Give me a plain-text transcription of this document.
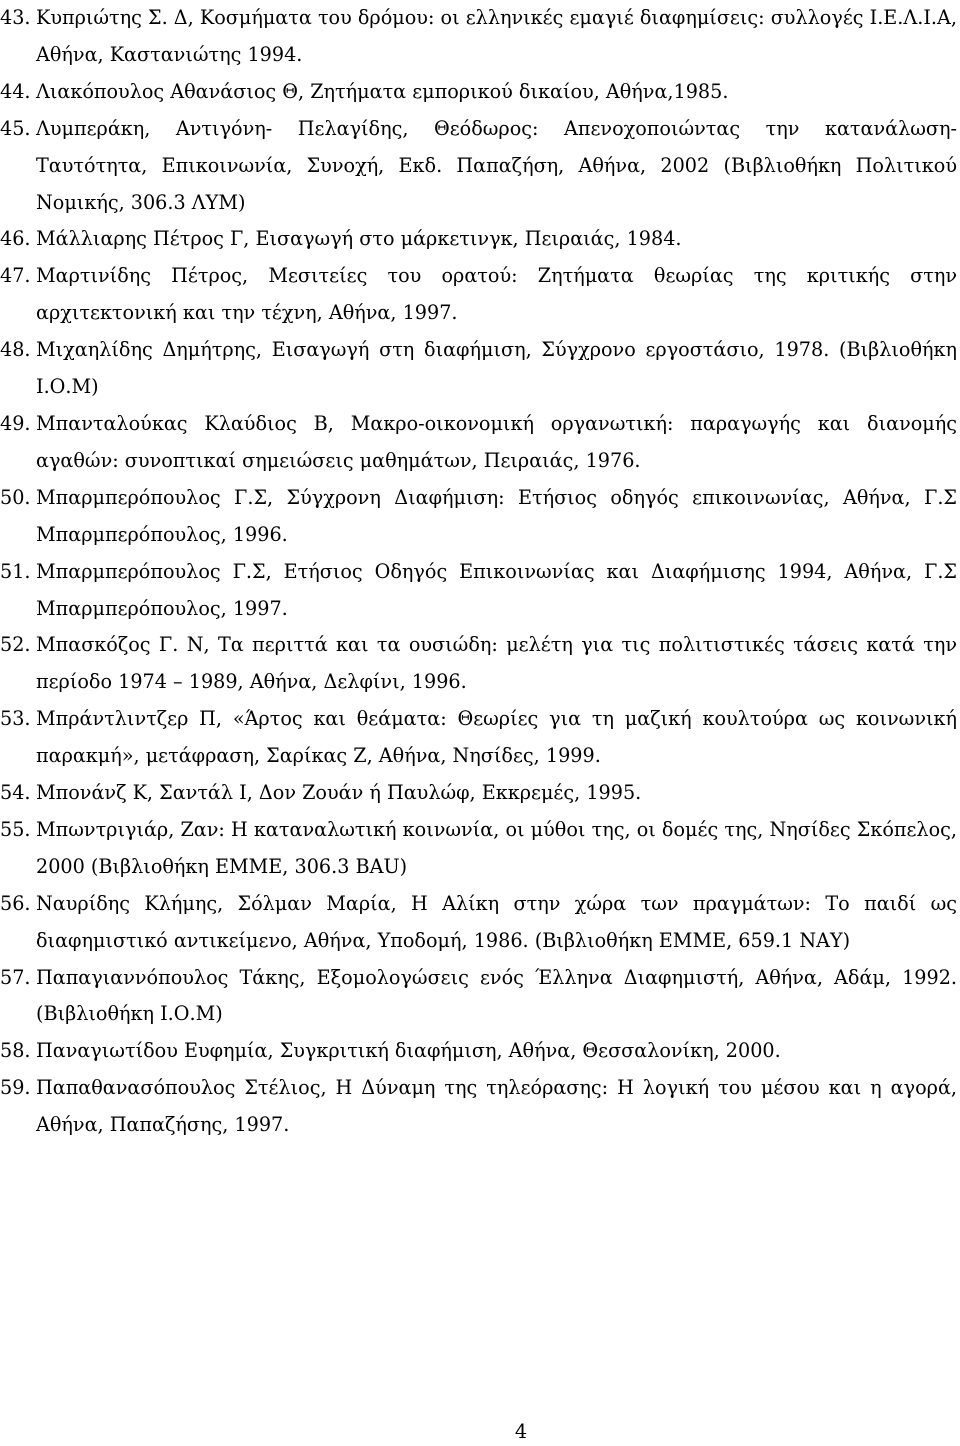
43. Κυπριώτης Σ. Δ, Κοσμήματα του δρόμου: οι ελληνικές εμαγιέ διαφημίσεις: συλλογές Ι.Ε.Λ.Ι.Α, Αθήνα, Καστανιώτης 1994.
44. Λιακόπουλος Αθανάσιος Θ, Ζητήματα εμπορικού δικαίου, Αθήνα,1985.
45. Λυμπεράκη, Αντιγόνη- Πελαγίδης, Θεόδωρος: Απενοχοποιώντας την κατανάλωση- Ταυτότητα, Επικοινωνία, Συνοχή, Εκδ. Παπαζήση, Αθήνα, 2002 (Βιβλιοθήκη Πολιτικού Νομικής, 306.3 ΛΥΜ)
46. Μάλλιαρης Πέτρος Γ, Εισαγωγή στο μάρκετινγκ, Πειραιάς, 1984.
47. Μαρτινίδης Πέτρος, Μεσιτείες του ορατού: Ζητήματα θεωρίας της κριτικής στην αρχιτεκτονική και την τέχνη, Αθήνα, 1997.
48. Μιχαηλίδης Δημήτρης, Εισαγωγή στη διαφήμιση, Σύγχρονο εργοστάσιο, 1978. (Βιβλιοθήκη Ι.Ο.Μ)
49. Μπανταλούκας Κλαύδιος Β, Μακρο-οικονομική οργανωτική: παραγωγής και διανομής αγαθών: συνοπτικαί σημειώσεις μαθημάτων, Πειραιάς, 1976.
50. Μπαρμπερόπουλος Γ.Σ, Σύγχρονη Διαφήμιση: Ετήσιος οδηγός επικοινωνίας, Αθήνα, Γ.Σ Μπαρμπερόπουλος, 1996.
51. Μπαρμπερόπουλος Γ.Σ, Ετήσιος Οδηγός Επικοινωνίας και Διαφήμισης 1994, Αθήνα, Γ.Σ Μπαρμπερόπουλος, 1997.
52. Μπασκόζος Γ. Ν, Τα περιττά και τα ουσιώδη: μελέτη για τις πολιτιστικές τάσεις κατά την περίοδο 1974 – 1989, Αθήνα, Δελφίνι, 1996.
53. Μπράντλιντζερ Π, «Άρτος και θεάματα: Θεωρίες για τη μαζική κουλτούρα ως κοινωνική παρακμή», μετάφραση, Σαρίκας Ζ, Αθήνα, Νησίδες, 1999.
54. Μπονάνζ Κ, Σαντάλ Ι, Δον Ζουάν ή Παυλώφ, Εκκρεμές, 1995.
55. Μπωντριγιάρ, Ζαν: Η καταναλωτική κοινωνία, οι μύθοι της, οι δομές της, Νησίδες Σκόπελος, 2000 (Βιβλιοθήκη ΕΜΜΕ, 306.3 BAU)
56. Ναυρίδης Κλήμης, Σόλμαν Μαρία, Η Αλίκη στην χώρα των πραγμάτων: Το παιδί ως διαφημιστικό αντικείμενο, Αθήνα, Υποδομή, 1986. (Βιβλιοθήκη ΕΜΜΕ, 659.1 ΝΑΥ)
57. Παπαγιαννόπουλος Τάκης, Εξομολογώσεις ενός Έλληνα Διαφημιστή, Αθήνα, Αδάμ, 1992. (Βιβλιοθήκη Ι.Ο.Μ)
58. Παναγιωτίδου Ευφημία, Συγκριτική διαφήμιση, Αθήνα, Θεσσαλονίκη, 2000.
59. Παπαθανασόπουλος Στέλιος, Η Δύναμη της τηλεόρασης: Η λογική του μέσου και η αγορά, Αθήνα, Παπαζήσης, 1997.
4
